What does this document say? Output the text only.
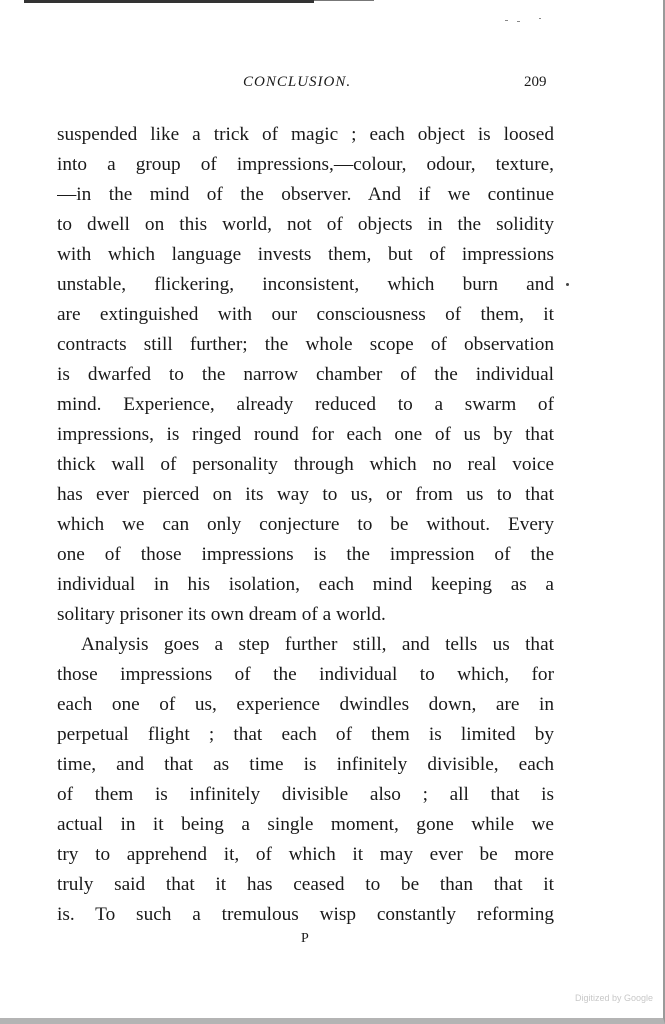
CONCLUSION.	209
suspended like a trick of magic ; each object is loosed
into a group of impressions,—colour, odour, texture,
—in the mind of the observer. And if we continue
to dwell on this world, not of objects in the solidity
with which language invests them, but of impressions
unstable, flickering, inconsistent, which burn and
are extinguished with our consciousness of them, it
contracts still further; the whole scope of observation
is dwarfed to the narrow chamber of the individual
mind. Experience, already reduced to a swarm of
impressions, is ringed round for each one of us by that
thick wall of personality through which no real voice
has ever pierced on its way to us, or from us to that
which we can only conjecture to be without. Every
one of those impressions is the impression of the
individual in his isolation, each mind keeping as a
solitary prisoner its own dream of a world.
Analysis goes a step further still, and tells us that
those impressions of the individual to which, for
each one of us, experience dwindles down, are in
perpetual flight ; that each of them is limited by
time, and that as time is infinitely divisible, each
of them is infinitely divisible also ; all that is
actual in it being a single moment, gone while we
try to apprehend it, of which it may ever be more
truly said that it has ceased to be than that it
is. To such a tremulous wisp constantly reforming
P
Digitized by Google
